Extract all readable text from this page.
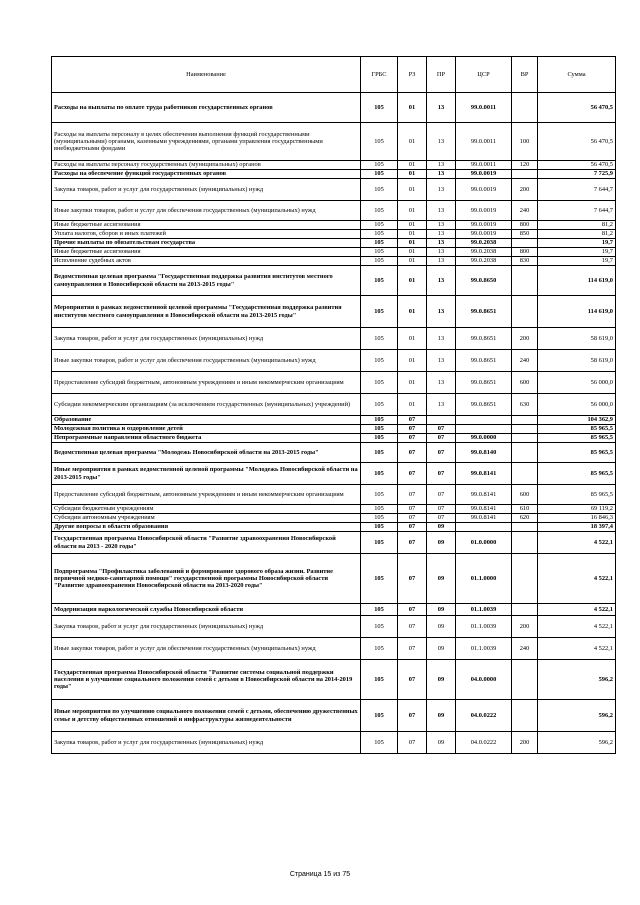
Наименование	ГРБС	РЗ	ПР	ЦСР	ВР	Сумма
Расходы на выплаты по оплате труда работников государственных органов	105	01	13	99.0.0011		56 470,5
Расходы на выплаты персоналу в целях обеспечения выполнения функций государственными (муниципальными) органами, казенными учреждениями, органами управления государственными внебюджетными фондами	105	01	13	99.0.0011	100	56 470,5
Расходы на выплаты персоналу государственных (муниципальных) органов	105	01	13	99.0.0011	120	56 470,5
Расходы на обеспечение функций государственных органов	105	01	13	99.0.0019		7 725,9
Закупка товаров, работ и услуг для государственных (муниципальных) нужд	105	01	13	99.0.0019	200	7 644,7
Иные закупки товаров, работ и услуг для обеспечения государственных (муниципальных) нужд	105	01	13	99.0.0019	240	7 644,7
Иные бюджетные ассигнования	105	01	13	99.0.0019	800	81,2
Уплата налогов, сборов и иных платежей	105	01	13	99.0.0019	850	81,2
Прочие выплаты по обязательствам государства	105	01	13	99.0.2038		19,7
Иные бюджетные ассигнования	105	01	13	99.0.2038	800	19,7
Исполнение судебных актов	105	01	13	99.0.2038	830	19,7
Ведомственная целевая программа "Государственная поддержка развития институтов местного самоуправления в Новосибирской области на 2013-2015 годы"	105	01	13	99.0.8650		114 619,0
Мероприятия в рамках ведомственной целевой программы "Государственная поддержка развития институтов местного самоуправления в Новосибирской области на 2013-2015 годы"	105	01	13	99.0.8651		114 619,0
Закупка товаров, работ и услуг для государственных (муниципальных) нужд	105	01	13	99.0.8651	200	58 619,0
Иные закупки товаров, работ и услуг для обеспечения государственных (муниципальных) нужд	105	01	13	99.0.8651	240	58 619,0
Предоставление субсидий бюджетным, автономным учреждениям и иным некоммерческим организациям	105	01	13	99.0.8651	600	56 000,0
Субсидии некоммерческим организациям (за исключением государственных (муниципальных) учреждений)	105	01	13	99.0.8651	630	56 000,0
Образование	105	07				104 362,9
Молодежная политика и оздоровление детей	105	07	07			85 965,5
Непрограммные направления областного бюджета	105	07	07	99.0.0000		85 965,5
Ведомственная целевая программа "Молодежь Новосибирской области на 2013-2015 годы"	105	07	07	99.0.8140		85 965,5
Иные мероприятия в рамках ведомственной целевой программы "Молодежь Новосибирской области на 2013-2015 годы"	105	07	07	99.0.8141		85 965,5
Предоставление субсидий бюджетным, автономным учреждениям и иным некоммерческим организациям	105	07	07	99.0.8141	600	85 965,5
Субсидии бюджетным учреждениям	105	07	07	99.0.8141	610	69 119,2
Субсидии автономным учреждениям	105	07	07	99.0.8141	620	16 846,3
Другие вопросы в области образования	105	07	09			18 397,4
Государственная программа Новосибирской области "Развитие здравоохранения Новосибирской области на 2013 - 2020 годы"	105	07	09	01.0.0000		4 522,1
Подпрограмма "Профилактика заболеваний и формирование здорового образа жизни. Развитие первичной медико-санитарной помощи" государственной программы Новосибирской области "Развитие здравоохранения Новосибирской области на 2013-2020 годы"	105	07	09	01.1.0000		4 522,1
Модернизация наркологической службы Новосибирской области	105	07	09	01.1.0039		4 522,1
Закупка товаров, работ и услуг для государственных (муниципальных) нужд	105	07	09	01.1.0039	200	4 522,1
Иные закупки товаров, работ и услуг для обеспечения государственных (муниципальных) нужд	105	07	09	01.1.0039	240	4 522,1
Государственная программа Новосибирской области "Развитие системы социальной поддержки населения и улучшение социального положения семей с детьми в Новосибирской области на 2014-2019 годы"	105	07	09	04.0.0000		596,2
Иные мероприятия по улучшению социального положения семей с детьми, обеспечению дружественных семье и детству общественных отношений и инфраструктуры жизнедеятельности	105	07	09	04.0.0222		596,2
Закупка товаров, работ и услуг для государственных (муниципальных) нужд	105	07	09	04.0.0222	200	596,2
Страница 15 из 75
